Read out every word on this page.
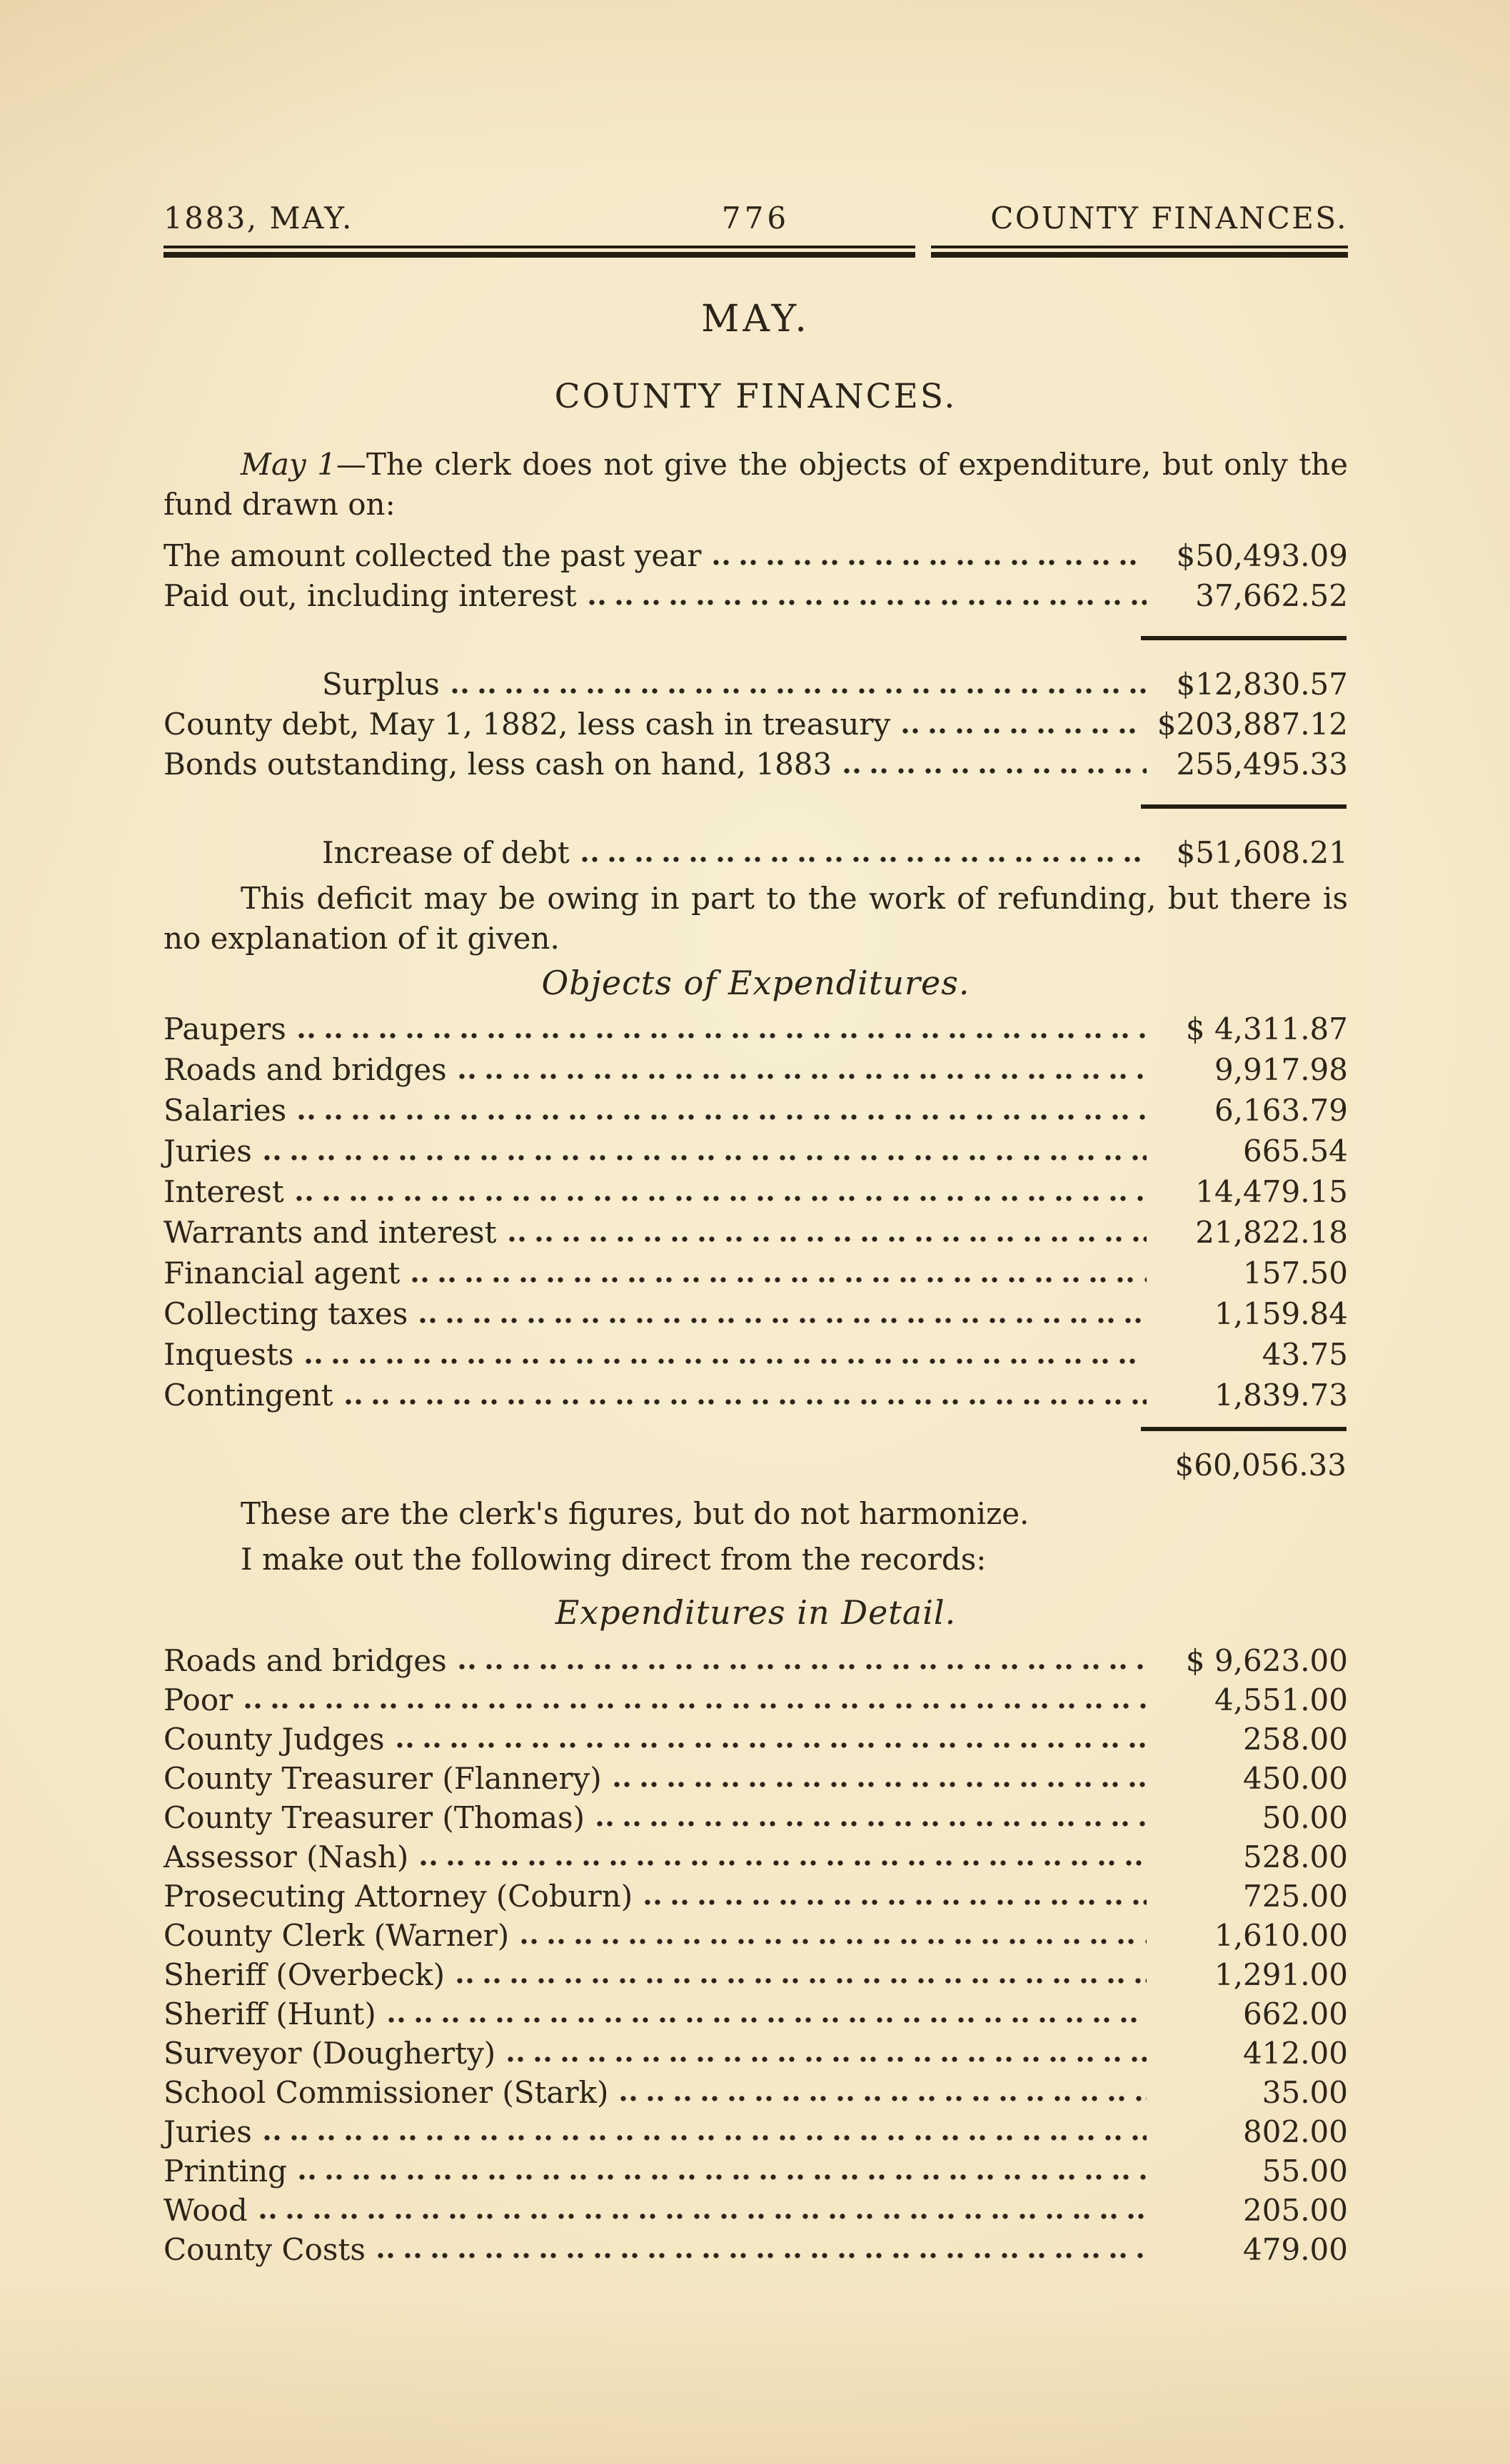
1883, MAY.	776	COUNTY FINANCES.
MAY.
COUNTY FINANCES.

May 1—The clerk does not give the objects of expenditure, but only the fund drawn on:

The amount collected the past year	$50,493.09
Paid out, including interest	37,662.52
Surplus	$12,830.57
County debt, May 1, 1882, less cash in treasury	$203,887.12
Bonds outstanding, less cash on hand, 1883	255,495.33
Increase of debt	$51,608.21

This deficit may be owing in part to the work of refunding, but there is no explanation of it given.

Objects of Expenditures.
Paupers	$ 4,311.87
Roads and bridges	9,917.98
Salaries	6,163.79
Juries	665.54
Interest	14,479.15
Warrants and interest	21,822.18
Financial agent	157.50
Collecting taxes	1,159.84
Inquests	43.75
Contingent	1,839.73
$60,056.33

These are the clerk's figures, but do not harmonize.

I make out the following direct from the records:

Expenditures in Detail.
Roads and bridges	$ 9,623.00
Poor	4,551.00
County Judges	258.00
County Treasurer (Flannery)	450.00
County Treasurer (Thomas)	50.00
Assessor (Nash)	528.00
Prosecuting Attorney (Coburn)	725.00
County Clerk (Warner)	1,610.00
Sheriff (Overbeck)	1,291.00
Sheriff (Hunt)	662.00
Surveyor (Dougherty)	412.00
School Commissioner (Stark)	35.00
Juries	802.00
Printing	55.00
Wood	205.00
County Costs	479.00
